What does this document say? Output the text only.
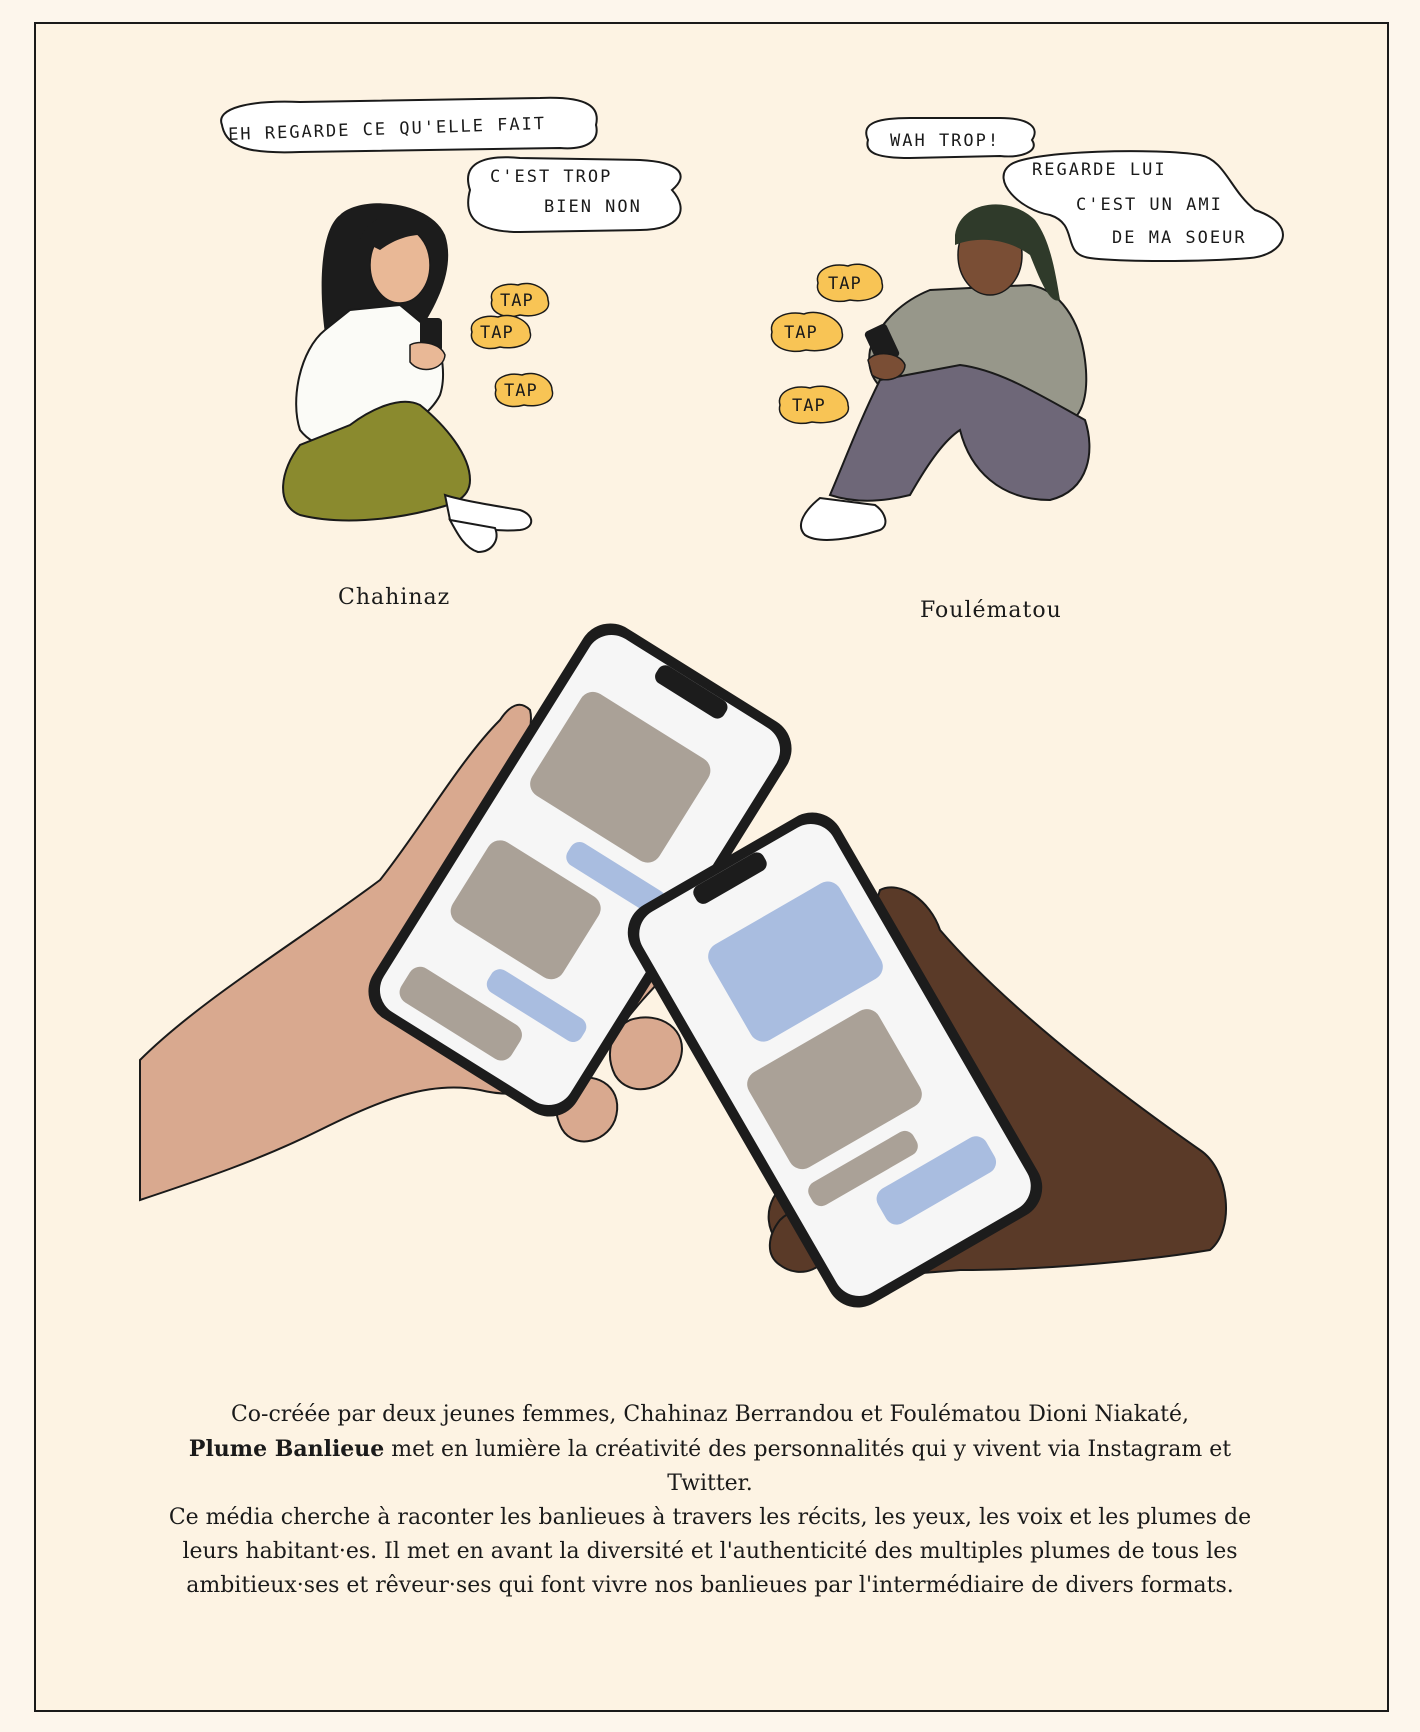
EH REGARDE CE QU'ELLE FAIT
C'EST TROP
BIEN NON
WAH TROP!
REGARDE LUI
C'EST UN AMI
DE MA SOEUR
TAP
TAP
TAP
TAP
TAP
TAP
Chahinaz
Foulématou

Co-créée par deux jeunes femmes, Chahinaz Berrandou et Foulématou Dioni Niakaté,
Plume Banlieue met en lumière la créativité des personnalités qui y vivent via Instagram et Twitter.

Ce média cherche à raconter les banlieues à travers les récits, les yeux, les voix et les plumes de leurs habitant·es. Il met en avant la diversité et l'authenticité des multiples plumes de tous les ambitieux·ses et rêveur·ses qui font vivre nos banlieues par l'intermédiaire de divers formats.
